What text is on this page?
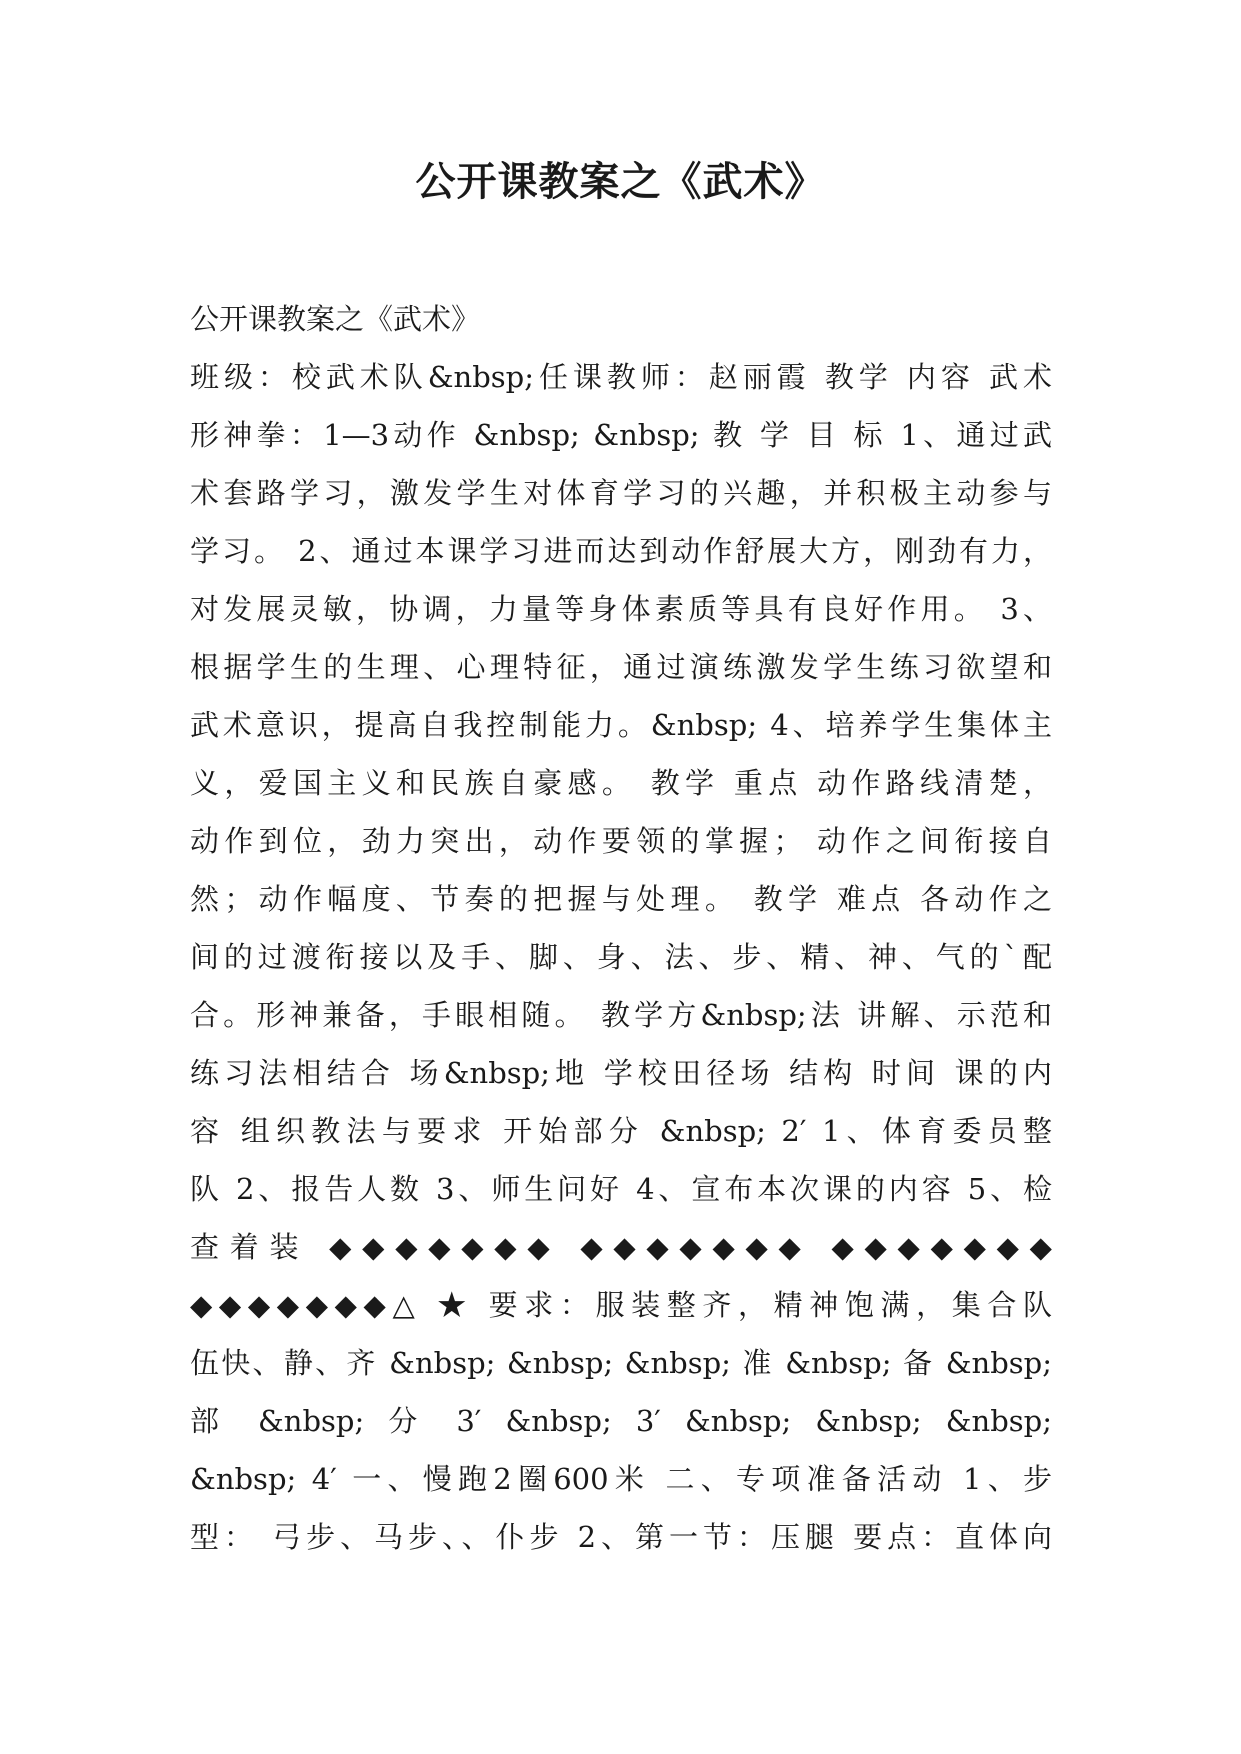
公开课教案之《武术》
公开课教案之《武术》
班级：校武术队&nbsp;任课教师：赵丽霞 教学 内容 武术
形神拳：1—3动作 &nbsp; &nbsp; 教 学 目 标 1、通过武
术套路学习，激发学生对体育学习的兴趣，并积极主动参与
学习。 2、通过本课学习进而达到动作舒展大方，刚劲有力，
对发展灵敏，协调，力量等身体素质等具有良好作用。 3、
根据学生的生理、心理特征，通过演练激发学生练习欲望和
武术意识，提高自我控制能力。&nbsp; 4、培养学生集体主
义，爱国主义和民族自豪感。 教学 重点 动作路线清楚，
动作到位，劲力突出，动作要领的掌握； 动作之间衔接自
然；动作幅度、节奏的把握与处理。 教学 难点 各动作之
间的过渡衔接以及手、脚、身、法、步、精、神、气的`配
合。形神兼备，手眼相随。 教学方&nbsp;法 讲解、示范和
练习法相结合 场&nbsp;地 学校田径场 结构 时间 课的内
容 组织教法与要求 开始部分 &nbsp; 2′ 1、体育委员整
队 2、报告人数 3、师生问好 4、宣布本次课的内容 5、检
查着装 ◆◆◆◆◆◆◆ ◆◆◆◆◆◆◆ ◆◆◆◆◆◆◆
◆◆◆◆◆◆◆△ ★ 要求：服装整齐，精神饱满，集合队
伍快、静、齐 &nbsp; &nbsp; &nbsp; 准 &nbsp; 备 &nbsp;
部 &nbsp; 分 3′ &nbsp; 3′ &nbsp; &nbsp; &nbsp;
&nbsp; 4′ 一、慢跑2圈600米 二、专项准备活动 1、步
型： 弓步、马步、、仆步 2、第一节：压腿 要点：直体向
